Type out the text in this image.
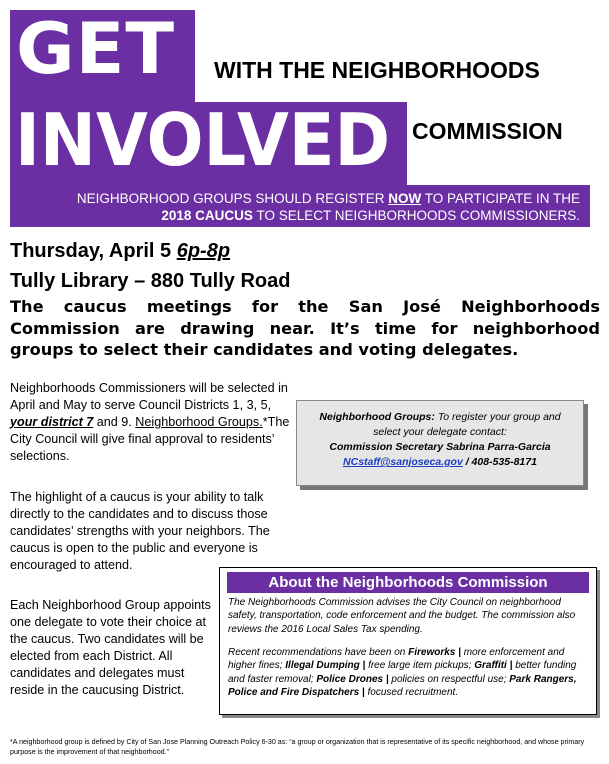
GET
INVOLVED
WITH THE NEIGHBORHOODS
COMMISSION
NEIGHBORHOOD GROUPS SHOULD REGISTER NOW TO PARTICIPATE IN THE
2018 CAUCUS TO SELECT NEIGHBORHOODS COMMISSIONERS.
Thursday, April 5 6p-8p
Tully Library – 880 Tully Road
The caucus meetings for the San José Neighborhoods Commission are drawing near. It’s time for neighborhood groups to select their candidates and voting delegates.
Neighborhoods Commissioners will be selected in April and May to serve Council Districts 1, 3, 5, your district 7 and 9. Neighborhood Groups.*The City Council will give final approval to residents’ selections.
The highlight of a caucus is your ability to talk directly to the candidates and to discuss those candidates’ strengths with your neighbors. The caucus is open to the public and everyone is encouraged to attend.
Each Neighborhood Group appoints one delegate to vote their choice at the caucus. Two candidates will be elected from each District. All candidates and delegates must reside in the caucusing District.
Neighborhood Groups: To register your group and
select your delegate contact:
Commission Secretary Sabrina Parra-Garcia
NCstaff@sanjoseca.gov / 408-535-8171
About the Neighborhoods Commission
The Neighborhoods Commission advises the City Council on neighborhood safety, transportation, code enforcement and the budget. The commission also reviews the 2016 Local Sales Tax spending.
Recent recommendations have been on Fireworks | more enforcement and higher fines; Illegal Dumping | free large item pickups; Graffiti | better funding and faster removal; Police Drones | policies on respectful use; Park Rangers, Police and Fire Dispatchers | focused recruitment.
*A neighborhood group is defined by City of San Jose Planning Outreach Policy 6-30 as: “a group or organization that is representative of its specific neighborhood, and whose primary purpose is the improvement of that neighborhood.”
